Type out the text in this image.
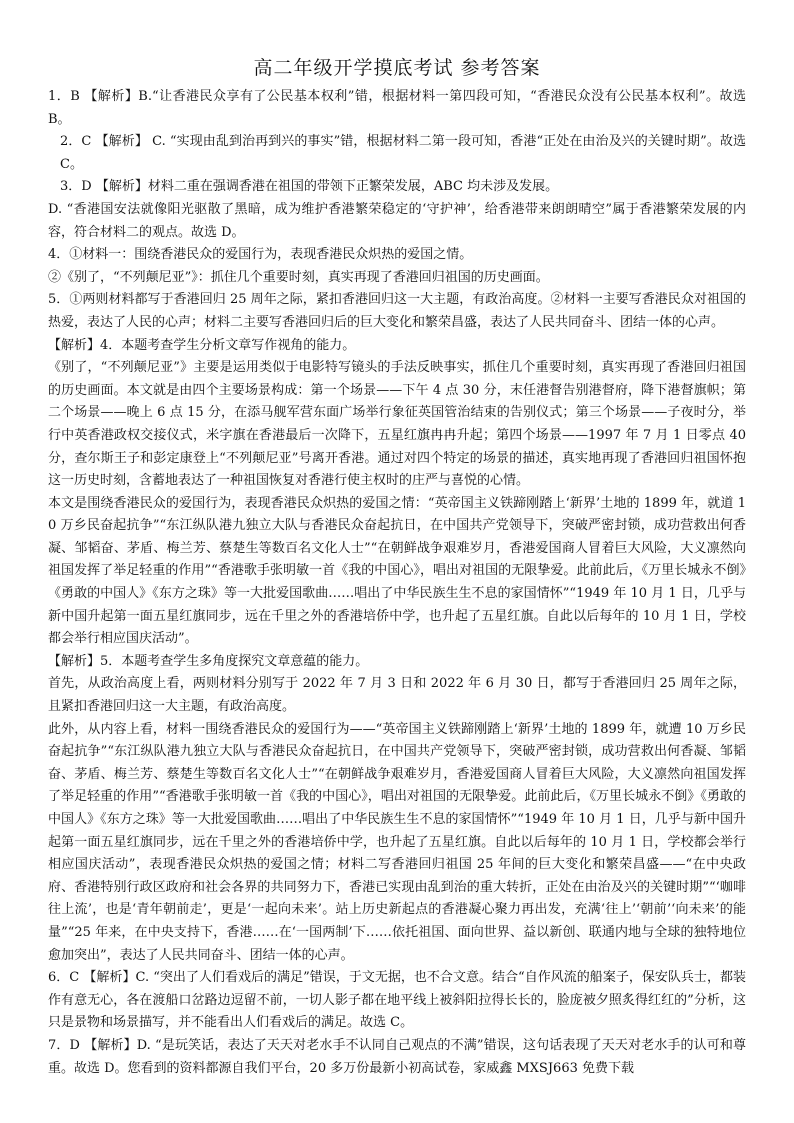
高二年级开学摸底考试 参考答案

1．B 【解析】B.“让香港民众享有了公民基本权利”错，根据材料一第四段可知，“香港民众没有公民基本权利”。故选 B。

2．C 【解析】 C. “实现由乱到治再到兴的事实”错，根据材料二第一段可知，香港“正处在由治及兴的关键时期”。故选 C。

3．D 【解析】材料二重在强调香港在祖国的带领下正繁荣发展，ABC 均未涉及发展。

D. “香港国安法就像阳光驱散了黑暗，成为维护香港繁荣稳定的‘守护神’，给香港带来朗朗晴空”属于香港繁荣发展的内容，符合材料二的观点。故选 D。

4．①材料一：围绕香港民众的爱国行为，表现香港民众炽热的爱国之情。

②《别了，“不列颠尼亚”》：抓住几个重要时刻，真实再现了香港回归祖国的历史画面。

5．①两则材料都写于香港回归 25 周年之际，紧扣香港回归这一大主题，有政治高度。②材料一主要写香港民众对祖国的热爱，表达了人民的心声；材料二主要写香港回归后的巨大变化和繁荣昌盛，表达了人民共同奋斗、团结一体的心声。

【解析】4．本题考查学生分析文章写作视角的能力。

《别了，“不列颠尼亚”》主要是运用类似于电影特写镜头的手法反映事实，抓住几个重要时刻，真实再现了香港回归祖国的历史画面。本文就是由四个主要场景构成：第一个场景——下午 4 点 30 分，末任港督告别港督府，降下港督旗帜；第二个场景——晚上 6 点 15 分，在添马舰军营东面广场举行象征英国管治结束的告别仪式；第三个场景——子夜时分，举行中英香港政权交接仪式，米字旗在香港最后一次降下，五星红旗冉冉升起；第四个场景——1997 年 7 月 1 日零点 40 分，查尔斯王子和彭定康登上“不列颠尼亚”号离开香港。通过对四个特定的场景的描述，真实地再现了香港回归祖国怀抱这一历史时刻，含蓄地表达了一种祖国恢复对香港行使主权时的庄严与喜悦的心情。

本文是围绕香港民众的爱国行为，表现香港民众炽热的爱国之情：“英帝国主义铁蹄刚踏上‘新界’土地的 1899 年，就道 10 万乡民奋起抗争”“东江纵队港九独立大队与香港民众奋起抗日，在中国共产党领导下，突破严密封锁，成功营救出何香凝、邹韬奋、茅盾、梅兰芳、蔡楚生等数百名文化人士”“在朝鲜战争艰难岁月，香港爱国商人冒着巨大风险，大义凛然向祖国发挥了举足轻重的作用”“香港歌手张明敏一首《我的中国心》，唱出对祖国的无限挚爱。此前此后，《万里长城永不倒》《勇敢的中国人》《东方之珠》等一大批爱国歌曲……唱出了中华民族生生不息的家国情怀”“1949 年 10 月 1 日，几乎与新中国升起第一面五星红旗同步，远在千里之外的香港培侨中学，也升起了五星红旗。自此以后每年的 10 月 1 日，学校都会举行相应国庆活动”。

【解析】5．本题考查学生多角度探究文章意蕴的能力。

首先，从政治高度上看，两则材料分别写于 2022 年 7 月 3 日和 2022 年 6 月 30 日，都写于香港回归 25 周年之际，且紧扣香港回归这一大主题，有政治高度。

此外，从内容上看，材料一围绕香港民众的爱国行为——“英帝国主义铁蹄刚踏上‘新界’土地的 1899 年，就遭 10 万乡民奋起抗争”“东江纵队港九独立大队与香港民众奋起抗日，在中国共产党领导下，突破严密封锁，成功营救出何香凝、邹韬奋、茅盾、梅兰芳、蔡楚生等数百名文化人士”“在朝鲜战争艰难岁月，香港爱国商人冒着巨大风险，大义凛然向祖国发挥了举足轻重的作用”“香港歌手张明敏一首《我的中国心》，唱出对祖国的无限挚爱。此前此后，《万里长城永不倒》《勇敢的中国人》《东方之珠》等一大批爱国歌曲……唱出了中华民族生生不息的家国情怀”“1949 年 10 月 1 日，几乎与新中国升起第一面五星红旗同步，远在千里之外的香港培侨中学，也升起了五星红旗。自此以后每年的 10 月 1 日，学校都会举行相应国庆活动”，表现香港民众炽热的爱国之情；材料二写香港回归祖国 25 年间的巨大变化和繁荣昌盛——“在中央政府、香港特别行政区政府和社会各界的共同努力下，香港已实现由乱到治的重大转折，正处在由治及兴的关键时期”“‘咖啡往上流’，也是‘青年朝前走’，更是‘一起向未来’。站上历史新起点的香港凝心聚力再出发，充满‘往上’‘朝前’‘向未来’的能量”“25 年来，在中央支持下，香港……在‘一国两制’下……依托祖国、面向世界、益以新创、联通内地与全球的独特地位愈加突出”，表达了人民共同奋斗、团结一体的心声。

6．C 【解析】C. “突出了人们看戏后的满足”错误，于文无据，也不合文意。结合“自作风流的船案子，保安队兵士，都装作有意无心，各在渡船口岔路边逗留不前，一切人影子都在地平线上被斜阳拉得长长的，脸庞被夕照炙得红红的”分析，这只是景物和场景描写，并不能看出人们看戏后的满足。故选 C。

7．D 【解析】D. “是玩笑话，表达了天天对老水手不认同自己观点的不满”错误，这句话表现了天天对老水手的认可和尊重。故选 D。您看到的资料都源自我们平台，20 多万份最新小初高试卷，家威鑫 MXSJ663 免费下载
